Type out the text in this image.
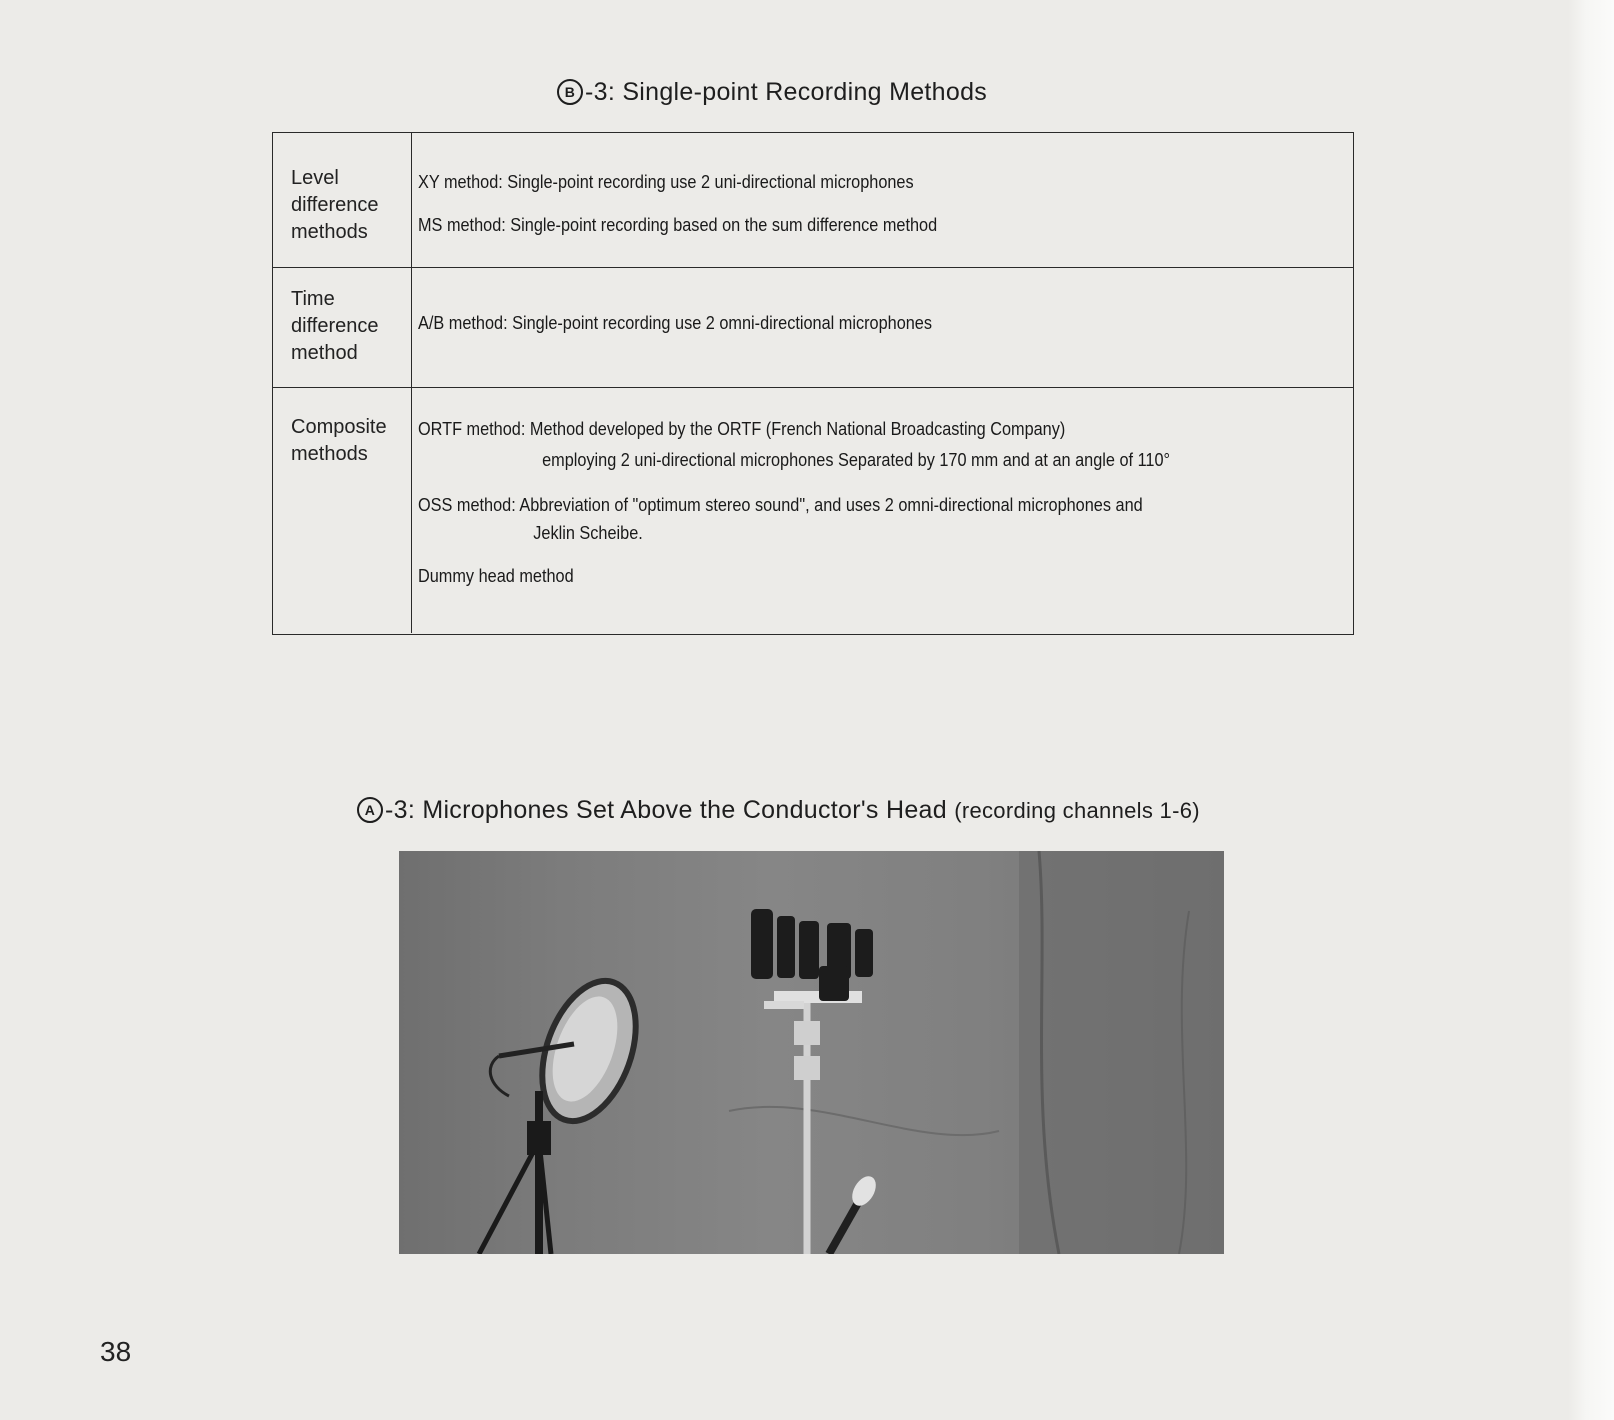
B -3: Single-point Recording Methods
Level difference methods
XY method: Single-point recording use 2 uni-directional microphones
MS method: Single-point recording based on the sum difference method
Time difference method
A/B method: Single-point recording use 2 omni-directional microphones
Composite methods
ORTF method: Method developed by the ORTF (French National Broadcasting Company)
employing 2 uni-directional microphones Separated by 170 mm and at an angle of 110°
OSS method: Abbreviation of "optimum stereo sound", and uses 2 omni-directional microphones and
Jeklin Scheibe.
Dummy head method
A -3: Microphones Set Above the Conductor's Head (recording channels 1-6)
38
